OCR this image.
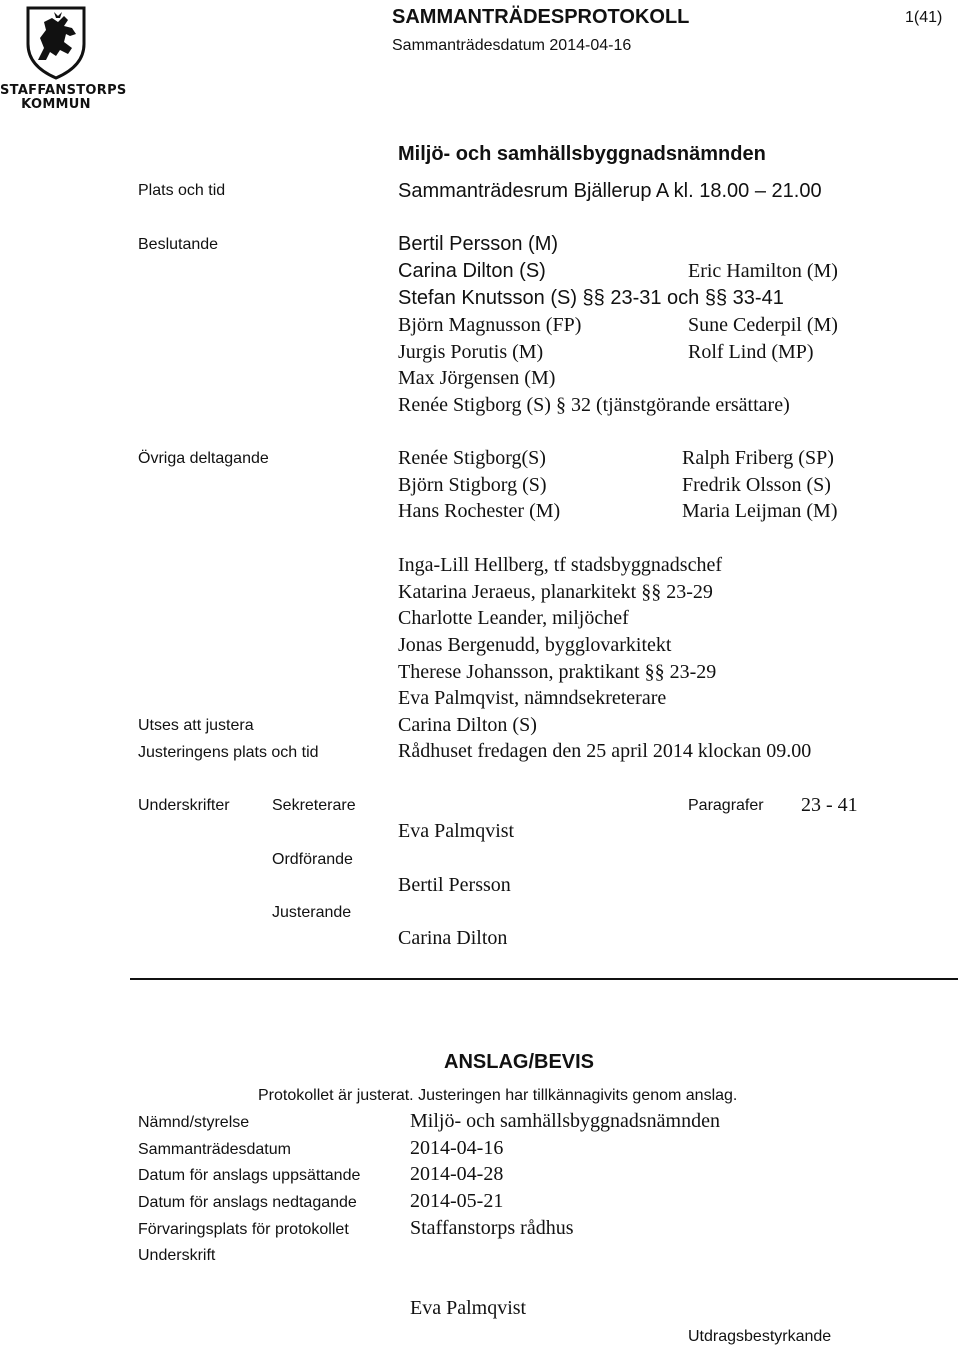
STAFFANSTORPS
KOMMUN
SAMMANTRÄDESPROTOKOLL
Sammanträdesdatum 2014-04-16
1(41)
Miljö- och samhällsbyggnadsnämnden
Plats och tid	Sammanträdesrum Bjällerup A kl. 18.00 – 21.00
Beslutande	Bertil Persson (M)
Carina Dilton (S)	Eric Hamilton (M)
Stefan Knutsson (S) §§ 23-31 och §§ 33-41
Björn Magnusson (FP)	Sune Cederpil (M)
Jurgis Porutis (M)	Rolf Lind (MP)
Max Jörgensen (M)
Renée Stigborg (S) § 32 (tjänstgörande ersättare)
Övriga deltagande	Renée Stigborg(S)	Ralph Friberg (SP)
Björn Stigborg (S)	Fredrik Olsson (S)
Hans Rochester (M)	Maria Leijman (M)
Inga-Lill Hellberg, tf stadsbyggnadschef
Katarina Jeraeus, planarkitekt §§ 23-29
Charlotte Leander, miljöchef
Jonas Bergenudd, bygglovarkitekt
Therese Johansson, praktikant §§ 23-29
Eva Palmqvist, nämndsekreterare
Utses att justera	Carina Dilton (S)
Justeringens plats och tid	Rådhuset fredagen den 25 april 2014 klockan 09.00
Underskrifter	Sekreterare	Paragrafer 23 - 41
Eva Palmqvist
Ordförande
Bertil Persson
Justerande
Carina Dilton
ANSLAG/BEVIS
Protokollet är justerat. Justeringen har tillkännagivits genom anslag.
Nämnd/styrelse	Miljö- och samhällsbyggnadsnämnden
Sammanträdesdatum	2014-04-16
Datum för anslags uppsättande 2014-04-28
Datum för anslags nedtagande	2014-05-21
Förvaringsplats för protokollet	Staffanstorps rådhus
Underskrift
Eva Palmqvist
Utdragsbestyrkande
